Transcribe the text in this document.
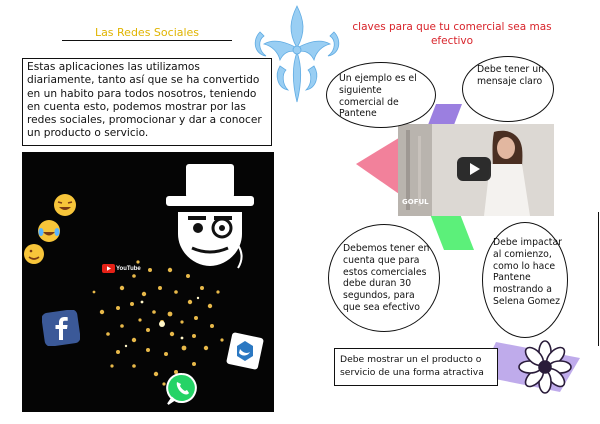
Las Redes Sociales	claves para que tu comercial sea mas efectivo
Estas aplicaciones las utilizamos diariamente, tanto así que se ha convertido en un habito para todos nosotros, teniendo en cuenta esto, podemos mostrar por las redes sociales, promocionar y dar a conocer un producto o servicio.
YouTube
GOFUL
Un ejemplo es el siguiente comercial de Pantene
Debe tener un mensaje claro
Debemos tener en cuenta que para estos comerciales debe duran 30 segundos, para que sea efectivo
Debe impactar al comienzo, como lo hace Pantene mostrando a Selena Gomez
Debe mostrar un el producto o servicio de una forma atractiva
